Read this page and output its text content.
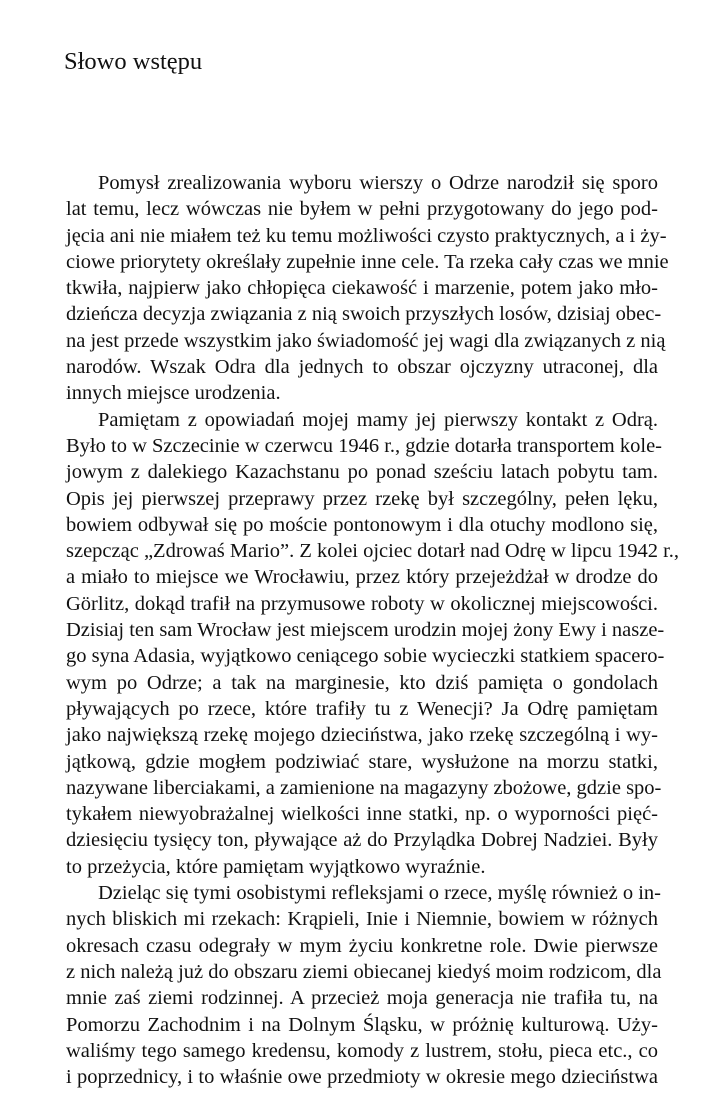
Słowo wstępu
Pomysł zrealizowania wyboru wierszy o Odrze narodził się sporo
lat temu, lecz wówczas nie byłem w pełni przygotowany do jego pod-
jęcia ani nie miałem też ku temu możliwości czysto praktycznych, a i ży-
ciowe priorytety określały zupełnie inne cele. Ta rzeka cały czas we mnie
tkwiła, najpierw jako chłopięca ciekawość i marzenie, potem jako mło-
dzieńcza decyzja związania z nią swoich przyszłych losów, dzisiaj obec-
na jest przede wszystkim jako świadomość jej wagi dla związanych z nią
narodów. Wszak Odra dla jednych to obszar ojczyzny utraconej, dla
innych miejsce urodzenia.
Pamiętam z opowiadań mojej mamy jej pierwszy kontakt z Odrą.
Było to w Szczecinie w czerwcu 1946 r., gdzie dotarła transportem kole-
jowym z dalekiego Kazachstanu po ponad sześciu latach pobytu tam.
Opis jej pierwszej przeprawy przez rzekę był szczególny, pełen lęku,
bowiem odbywał się po moście pontonowym i dla otuchy modlono się,
szepcząc „Zdrowaś Mario”. Z kolei ojciec dotarł nad Odrę w lipcu 1942 r.,
a miało to miejsce we Wrocławiu, przez który przejeżdżał w drodze do
Görlitz, dokąd trafił na przymusowe roboty w okolicznej miejscowości.
Dzisiaj ten sam Wrocław jest miejscem urodzin mojej żony Ewy i nasze-
go syna Adasia, wyjątkowo ceniącego sobie wycieczki statkiem spacero-
wym po Odrze; a tak na marginesie, kto dziś pamięta o gondolach
pływających po rzece, które trafiły tu z Wenecji? Ja Odrę pamiętam
jako największą rzekę mojego dzieciństwa, jako rzekę szczególną i wy-
jątkową, gdzie mogłem podziwiać stare, wysłużone na morzu statki,
nazywane liberciakami, a zamienione na magazyny zbożowe, gdzie spo-
tykałem niewyobrażalnej wielkości inne statki, np. o wyporności pięć-
dziesięciu tysięcy ton, pływające aż do Przylądka Dobrej Nadziei. Były
to przeżycia, które pamiętam wyjątkowo wyraźnie.
Dzieląc się tymi osobistymi refleksjami o rzece, myślę również o in-
nych bliskich mi rzekach: Krąpieli, Inie i Niemnie, bowiem w różnych
okresach czasu odegrały w mym życiu konkretne role. Dwie pierwsze
z nich należą już do obszaru ziemi obiecanej kiedyś moim rodzicom, dla
mnie zaś ziemi rodzinnej. A przecież moja generacja nie trafiła tu, na
Pomorzu Zachodnim i na Dolnym Śląsku, w próżnię kulturową. Uży-
waliśmy tego samego kredensu, komody z lustrem, stołu, pieca etc., co
i poprzednicy, i to właśnie owe przedmioty w okresie mego dzieciństwa
